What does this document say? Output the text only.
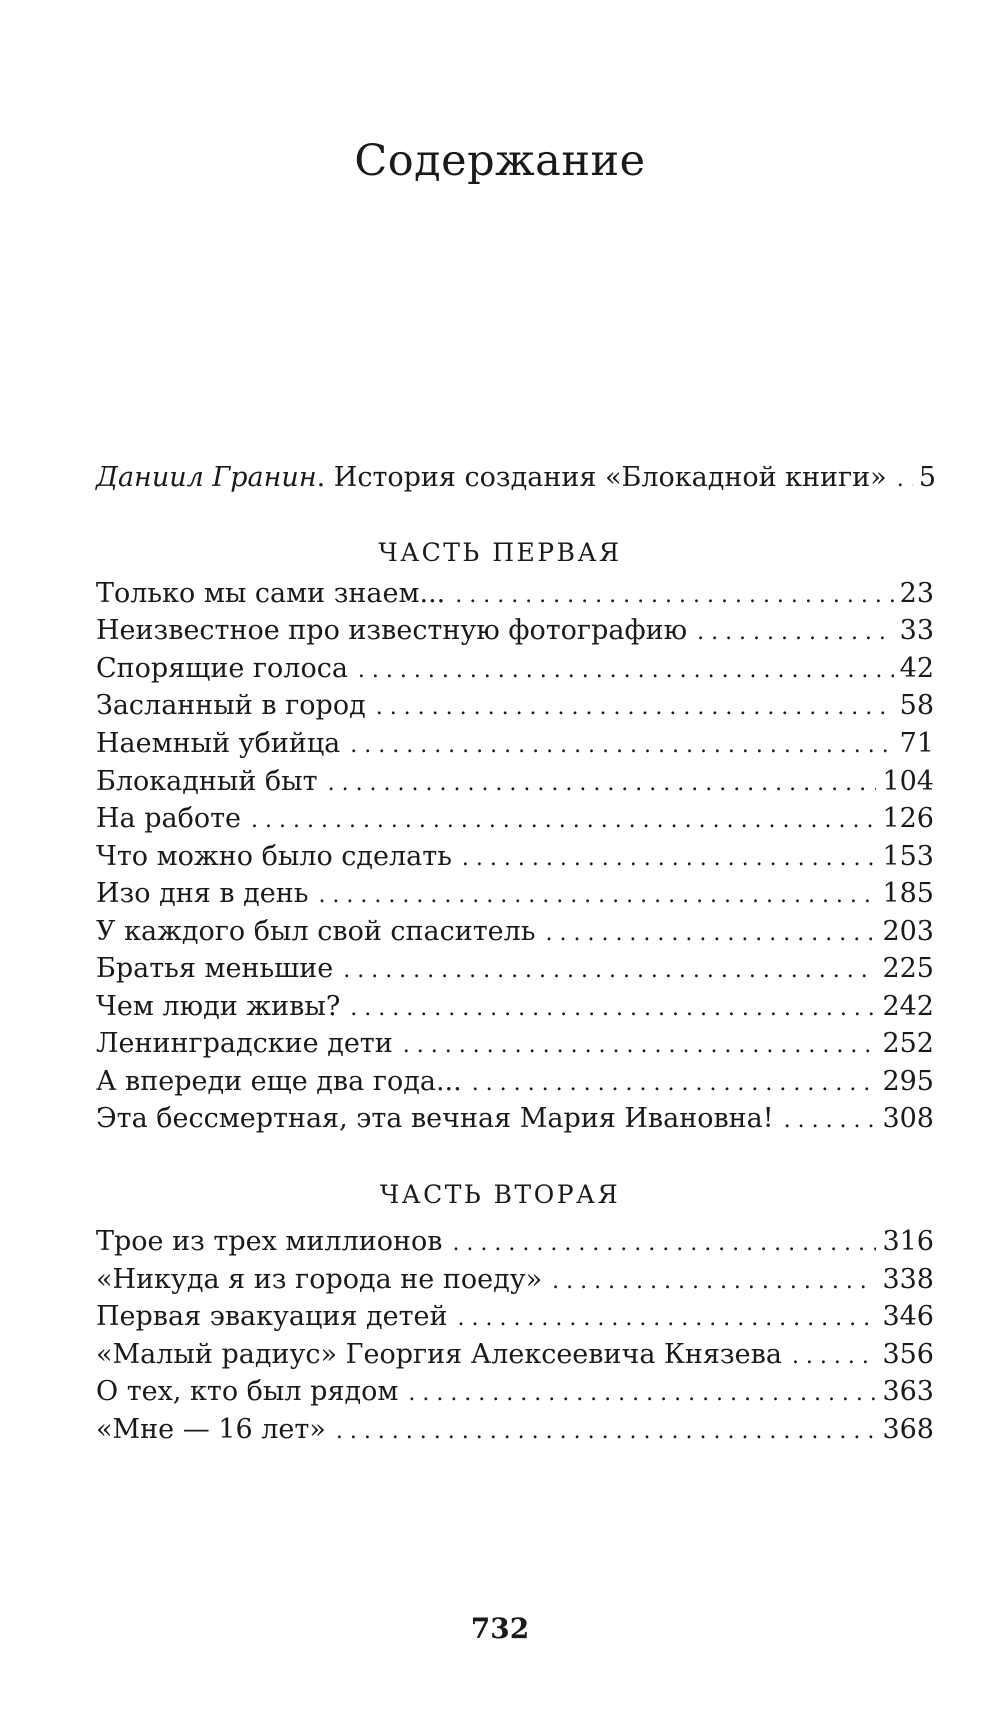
Содержание
Даниил Гранин. История создания «Блокадной книги» . . . 5
ЧАСТЬ ПЕРВАЯ
Только мы сами знаем... . . .	23
Неизвестное про известную фотографию . . .	33
Спорящие голоса . . .	42
Засланный в город . . .	58
Наемный убийца . . .	71
Блокадный быт . . .	104
На работе . . .	126
Что можно было сделать . . .	153
Изо дня в день . . .	185
У каждого был свой спаситель . . .	203
Братья меньшие . . .	225
Чем люди живы? . . .	242
Ленинградские дети . . .	252
А впереди еще два года... . . .	295
Эта бессмертная, эта вечная Мария Ивановна! . . .	308
ЧАСТЬ ВТОРАЯ
Трое из трех миллионов . . .	316
«Никуда я из города не поеду» . . .	338
Первая эвакуация детей . . .	346
«Малый радиус» Георгия Алексеевича Князева . . .	356
О тех, кто был рядом . . .	363
«Мне — 16 лет» . . .	368
732
